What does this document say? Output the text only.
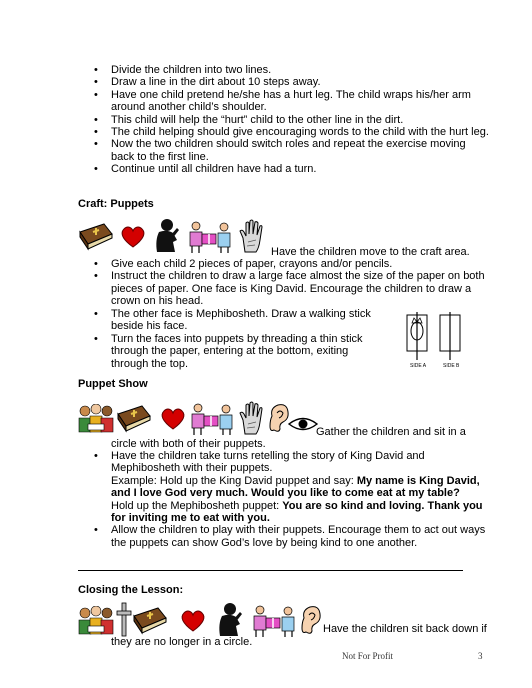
• Divide the children into two lines.
• Draw a line in the dirt about 10 steps away.
• Have one child pretend he/she has a hurt leg. The child wraps his/her arm around another child’s shoulder.
• This child will help the “hurt” child to the other line in the dirt.
• The child helping should give encouraging words to the child with the hurt leg.
• Now the two children should switch roles and repeat the exercise moving back to the first line.
• Continue until all children have had a turn.
Craft: Puppets
Have the children move to the craft area.
• Give each child 2 pieces of paper, crayons and/or pencils.
• Instruct the children to draw a large face almost the size of the paper on both pieces of paper. One face is King David. Encourage the children to draw a crown on his head.
• The other face is Mephibosheth. Draw a walking stick beside his face.
• Turn the faces into puppets by threading a thin stick through the paper, entering at the bottom, exiting through the top.	SIDE A	SIDE B
Puppet Show
Gather the children and sit in a
circle with both of their puppets.
• Have the children take turns retelling the story of King David and Mephibosheth with their puppets.
Example: Hold up the King David puppet and say: My name is King David, and I love God very much. Would you like to come eat at my table?
Hold up the Mephibosheth puppet: You are so kind and loving. Thank you for inviting me to eat with you.
• Allow the children to play with their puppets. Encourage them to act out ways the puppets can show God’s love by being kind to one another.
Closing the Lesson:
Have the children sit back down if
they are no longer in a circle.
Not For Profit	3
